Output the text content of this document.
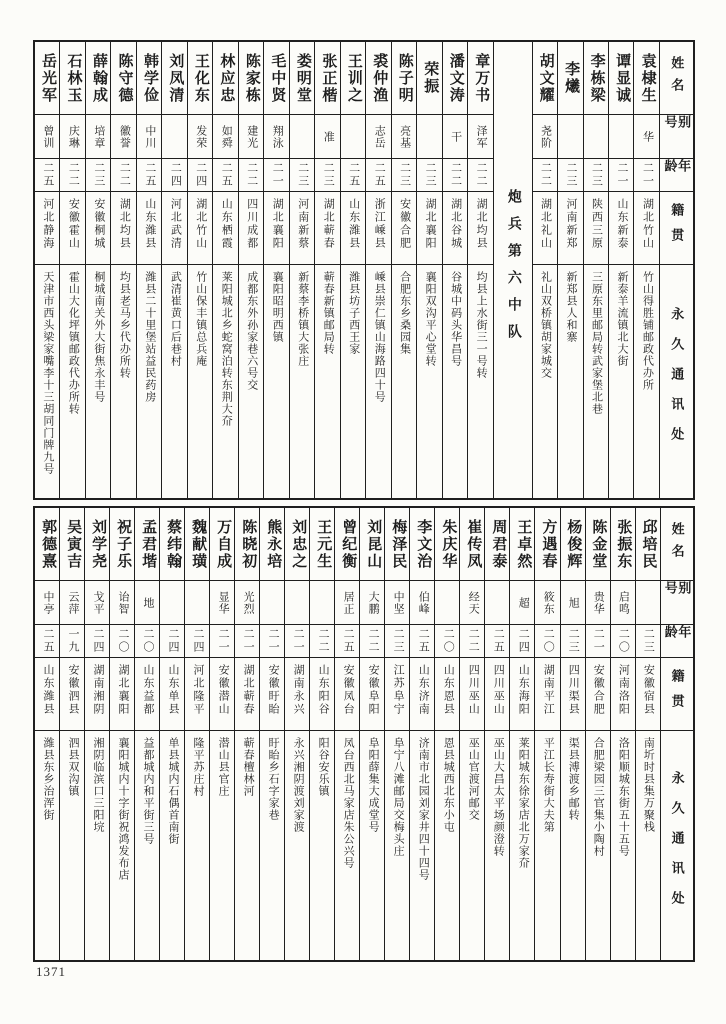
姓名
别号
年龄
籍贯
永久通讯处
袁棣生
华
二一
湖北竹山
竹山得胜铺邮政代办所
谭显诚
二一
山东新泰
新泰羊流镇北大街
李栋梁
二三
陕西三原
三原东里邮局转武家堡北巷
李爔
二三
河南新郑
新郑县人和寨
胡文耀
尧阶
二二
湖北礼山
礼山双桥镇胡家城交
炮兵第六中队
章万书
泽军
二二
湖北均县
均县上水街三一号转
潘文涛
干
二二
湖北谷城
谷城中码头华昌号
荣振
二三
湖北襄阳
襄阳双沟平心堂转
陈子明
亮基
二三
安徽合肥
合肥东乡桑园集
裘仲渔
志岳
二五
浙江嵊县
嵊县崇仁镇山海路四十号
王训之
二五
山东潍县
潍县坊子西王家
张正楷
准
二三
湖北蕲春
蕲春新镇邮局转
娄明堂
二三
河南新蔡
新蔡李桥镇大张庄
毛中贤
翔泳
二一
湖北襄阳
襄阳昭明西镇
陈家栋
建光
二二
四川成都
成都东外孙家巷六号交
林应忠
如舜
二五
山东栖霞
莱阳城北乡蛇窝泊转东荆大夼
王化东
发荣
二四
湖北竹山
竹山保丰镇总兵庵
刘凤清
二四
河北武清
武清崔黄口后巷村
韩学俭
中川
二五
山东潍县
潍县二十里堡站益民药房
陈守德
徽誉
二二
湖北均县
均县老马乡代办所转
薛翰成
培章
二三
安徽桐城
桐城南关外大街焦永丰号
石林玉
庆琳
二二
安徽霍山
霍山大化坪镇邮政代办所转
岳光军
曾训
二五
河北静海
天津市西头梁家嘴李十三胡同门牌九号
姓名
别号
年龄
籍贯
永久通讯处
邱培民
二三
安徽宿县
南圻时县集万聚栈
张振东
启鸣
二〇
河南洛阳
洛阳顺城东街五十五号
陈金堂
贵华
二一
安徽合肥
合肥梁园三官集小陶村
杨俊辉
旭
二三
四川渠县
渠县溥渡乡邮转
方遇春
筱东
二〇
湖南平江
平江长寿街大夫第
王卓然
超
二四
山东海阳
莱阳城东徐家店北万家夼
周君泰
二五
四川巫山
巫山大昌太平场颜澄转
崔传凤
经天
二二
四川巫山
巫山官渡河邮交
朱庆华
二〇
山东恩县
恩县城西北东小屯
李文治
伯峰
二五
山东济南
济南市北园刘家井四十四号
梅泽民
中坚
二三
江苏阜宁
阜宁八滩邮局交梅头庄
刘昆山
大鹏
二二
安徽阜阳
阜阳薛集大成堂号
曾纪衡
居正
二五
安徽凤台
凤台西北马家店朱公兴号
王元生
二二
山东阳谷
阳谷安乐镇
刘忠之
二一
湖南永兴
永兴湘阴渡刘家渡
熊永培
二一
安徽盱眙
盱眙乡石字家巷
陈晓初
光烈
二一
湖北蕲春
蕲春檀林河
万自成
显华
二一
安徽潜山
潜山县官庄
魏献璜
二四
河北隆平
隆平苏庄村
蔡纬翰
二四
山东单县
单县城内石偶首南街
孟君堦
地
二〇
山东益都
益都城内和平街三号
祝子乐
诒智
二〇
湖北襄阳
襄阳城内十字街祝鸿发布店
刘学尧
戈平
二四
湖南湘阴
湘阴临滨口三阳垸
吴寅吉
云萍
一九
安徽泗县
泗县双沟镇
郭德熹
中亭
二五
山东潍县
潍县东乡治浑街
1371
